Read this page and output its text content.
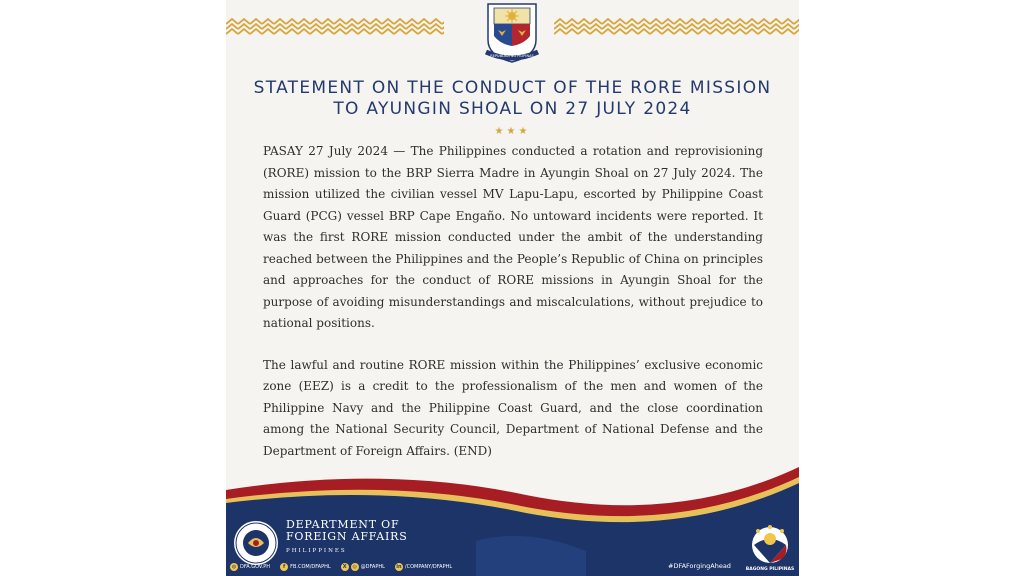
REPUBLIKA NG PILIPINAS
STATEMENT ON THE CONDUCT OF THE RORE MISSION
TO AYUNGIN SHOAL ON 27 JULY 2024
★★★

PASAY 27 July 2024 — The Philippines conducted a rotation and reprovisioning (RORE) mission to the BRP Sierra Madre in Ayungin Shoal on 27 July 2024. The mission utilized the civilian vessel MV Lapu-Lapu, escorted by Philippine Coast Guard (PCG) vessel BRP Cape Engaño. No untoward incidents were reported. It was the first RORE mission conducted under the ambit of the understanding reached between the Philippines and the People’s Republic of China on principles and approaches for the conduct of RORE missions in Ayungin Shoal for the purpose of avoiding misunderstandings and miscalculations, without prejudice to national positions.

The lawful and routine RORE mission within the Philippines’ exclusive economic zone (EEZ) is a credit to the professionalism of the men and women of the Philippine Navy and the Philippine Coast Guard, and the close coordination among the National Security Council, Department of National Defense and the Department of Foreign Affairs. (END)

DEPARTMENT OF
FOREIGN AFFAIRS
PHILIPPINES
◍ DFA.GOV.PH	f FB.COM/DFAPHL	X	◎ @DFAPHL in /COMPANY/DFAPHL	#DFAForgingAhead	BAGONG PILIPINAS
